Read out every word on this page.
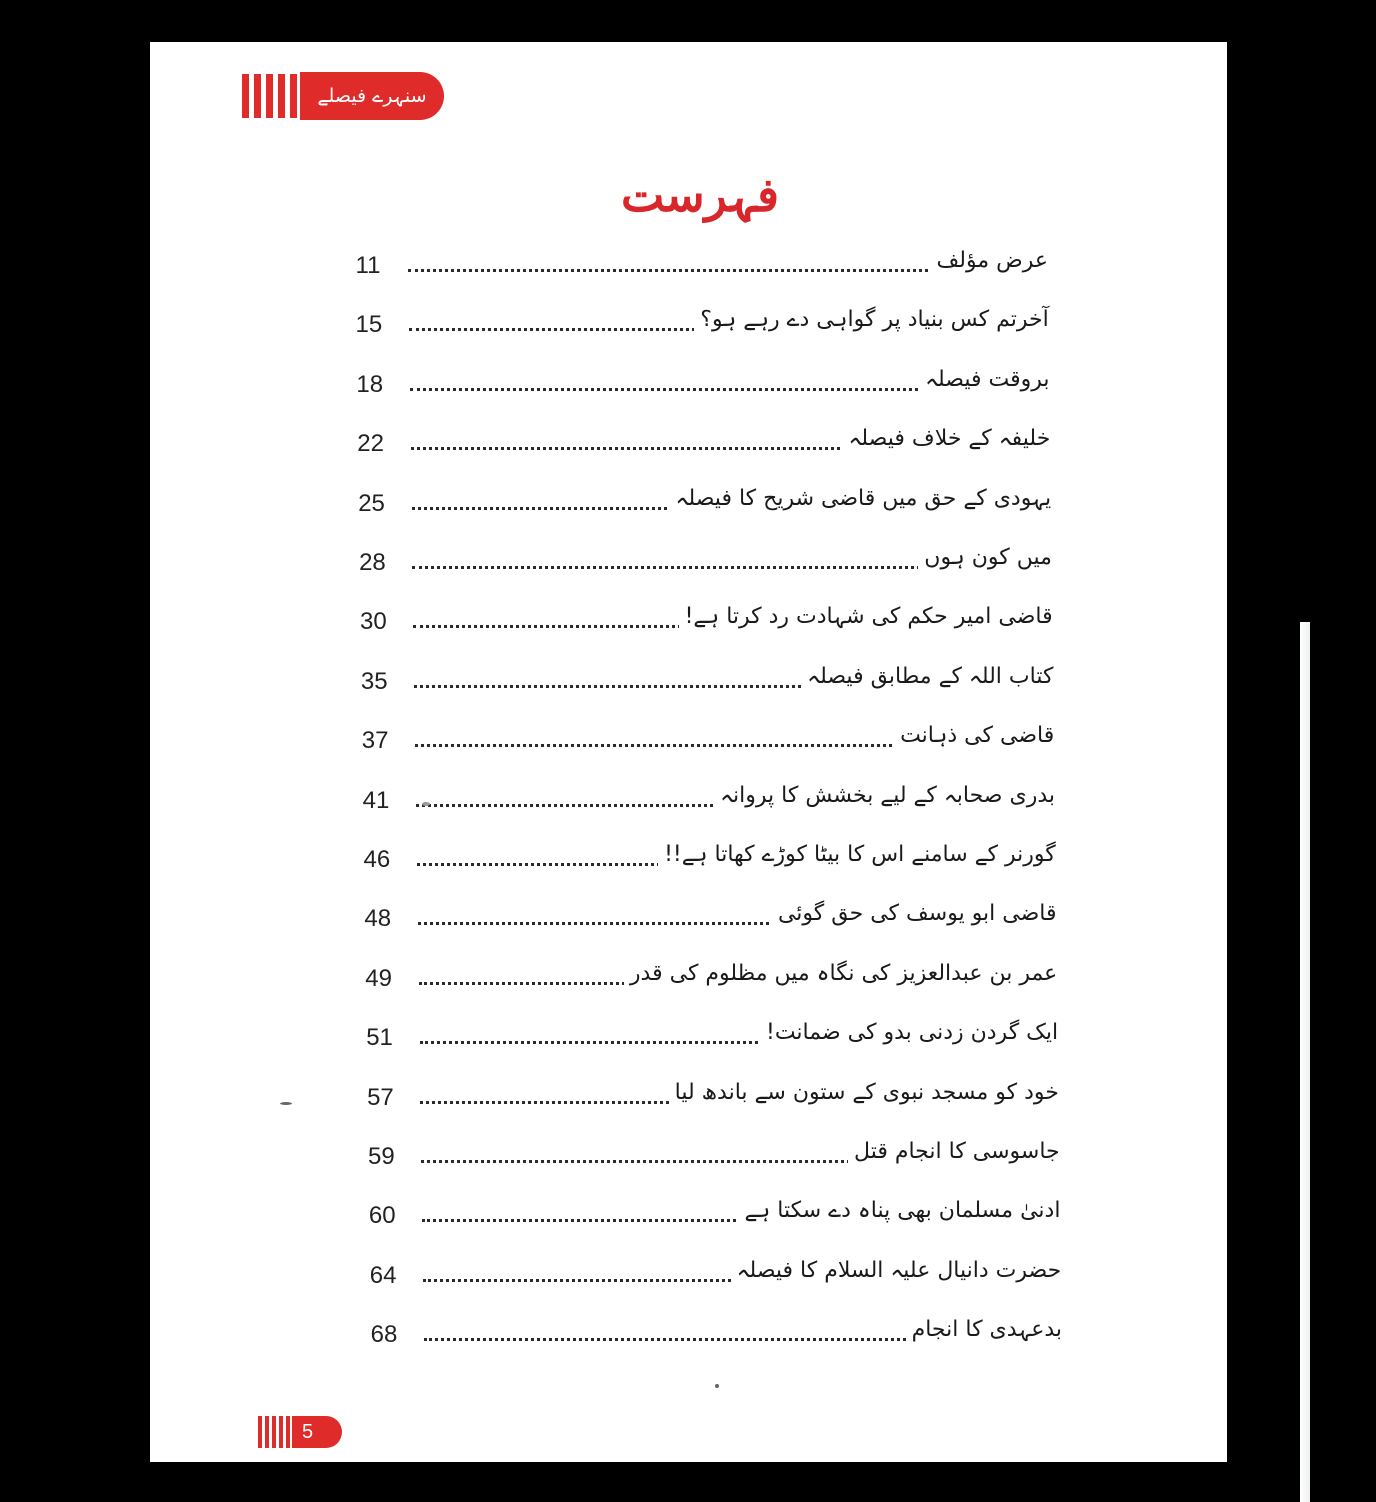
سنہرے فیصلے
فہرست
11	عرض مؤلف
15	آخرتم کس بنیاد پر گواہی دے رہے ہو؟
18	بروقت فیصلہ
22	خلیفہ کے خلاف فیصلہ
25	یہودی کے حق میں قاضی شریح کا فیصلہ
28	میں کون ہوں
30	قاضی امیر حکم کی شہادت رد کرتا ہے!
35	کتاب اللہ کے مطابق فیصلہ
37	قاضی کی ذہانت
41	بدری صحابہ کے لیے بخشش کا پروانہ
46	گورنر کے سامنے اس کا بیٹا کوڑے کھاتا ہے!!
48	قاضی ابو یوسف کی حق گوئی
49	عمر بن عبدالعزیز کی نگاہ میں مظلوم کی قدر
51	ایک گردن زدنی بدو کی ضمانت!
57	خود کو مسجد نبوی کے ستون سے باندھ لیا
59	جاسوسی کا انجام قتل
60	ادنیٰ مسلمان بھی پناہ دے سکتا ہے
64	حضرت دانیال علیہ السلام کا فیصلہ
68	بدعہدی کا انجام
5
